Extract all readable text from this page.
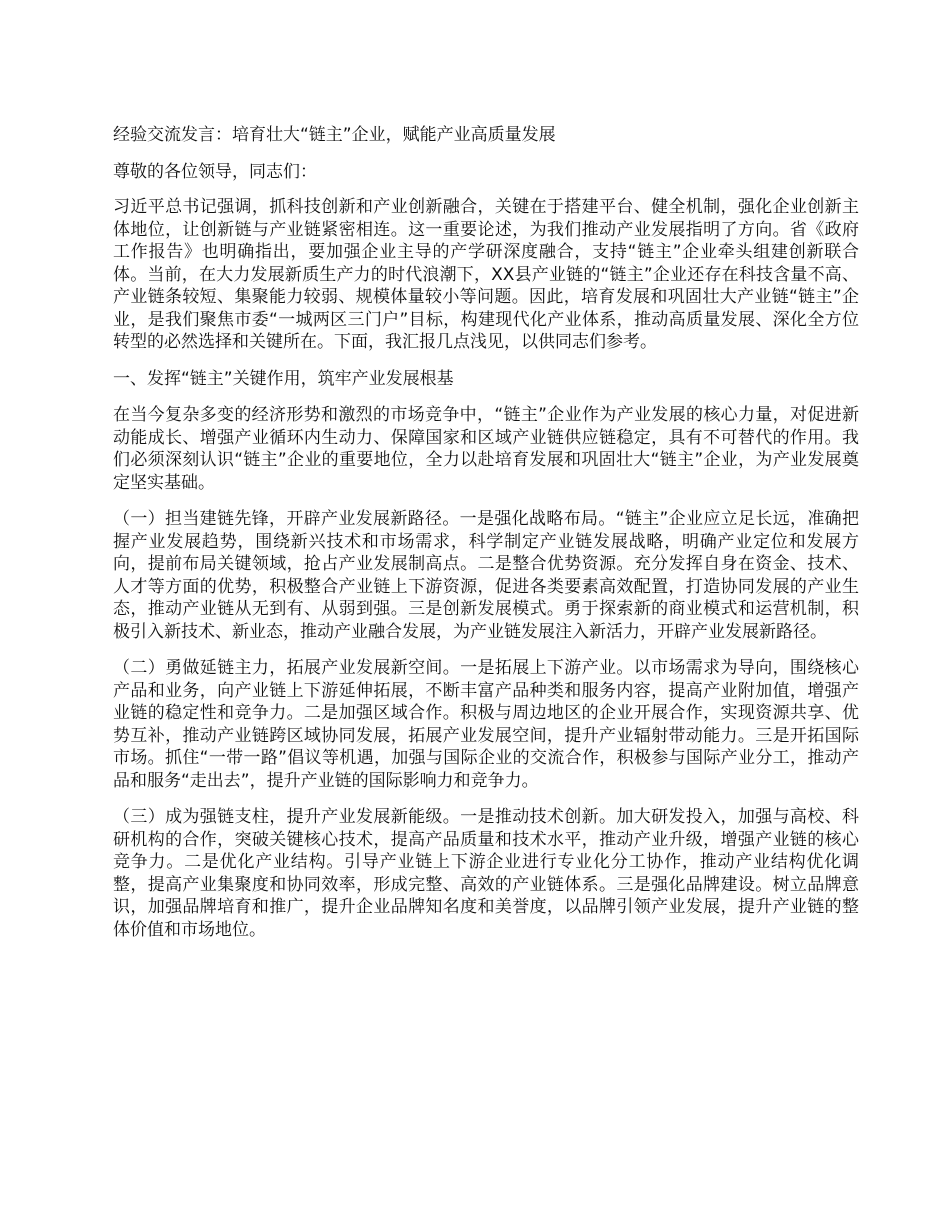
经验交流发言：培育壮大“链主”企业，赋能产业高质量发展

尊敬的各位领导，同志们：

习近平总书记强调，抓科技创新和产业创新融合，关键在于搭建平台、健全机制，强化企业创新主体地位，让创新链与产业链紧密相连。这一重要论述，为我们推动产业发展指明了方向。省《政府工作报告》也明确指出，要加强企业主导的产学研深度融合，支持“链主”企业牵头组建创新联合体。当前，在大力发展新质生产力的时代浪潮下，XX县产业链的“链主”企业还存在科技含量不高、产业链条较短、集聚能力较弱、规模体量较小等问题。因此，培育发展和巩固壮大产业链“链主”企业，是我们聚焦市委“一城两区三门户”目标，构建现代化产业体系，推动高质量发展、深化全方位转型的必然选择和关键所在。下面，我汇报几点浅见，以供同志们参考。

一、发挥“链主”关键作用，筑牢产业发展根基

在当今复杂多变的经济形势和激烈的市场竞争中，“链主”企业作为产业发展的核心力量，对促进新动能成长、增强产业循环内生动力、保障国家和区域产业链供应链稳定，具有不可替代的作用。我们必须深刻认识“链主”企业的重要地位，全力以赴培育发展和巩固壮大“链主”企业，为产业发展奠定坚实基础。

（一）担当建链先锋，开辟产业发展新路径。一是强化战略布局。“链主”企业应立足长远，准确把握产业发展趋势，围绕新兴技术和市场需求，科学制定产业链发展战略，明确产业定位和发展方向，提前布局关键领域，抢占产业发展制高点。二是整合优势资源。充分发挥自身在资金、技术、人才等方面的优势，积极整合产业链上下游资源，促进各类要素高效配置，打造协同发展的产业生态，推动产业链从无到有、从弱到强。三是创新发展模式。勇于探索新的商业模式和运营机制，积极引入新技术、新业态，推动产业融合发展，为产业链发展注入新活力，开辟产业发展新路径。

（二）勇做延链主力，拓展产业发展新空间。一是拓展上下游产业。以市场需求为导向，围绕核心产品和业务，向产业链上下游延伸拓展，不断丰富产品种类和服务内容，提高产业附加值，增强产业链的稳定性和竞争力。二是加强区域合作。积极与周边地区的企业开展合作，实现资源共享、优势互补，推动产业链跨区域协同发展，拓展产业发展空间，提升产业辐射带动能力。三是开拓国际市场。抓住“一带一路”倡议等机遇，加强与国际企业的交流合作，积极参与国际产业分工，推动产品和服务“走出去”，提升产业链的国际影响力和竞争力。

（三）成为强链支柱，提升产业发展新能级。一是推动技术创新。加大研发投入，加强与高校、科研机构的合作，突破关键核心技术，提高产品质量和技术水平，推动产业升级，增强产业链的核心竞争力。二是优化产业结构。引导产业链上下游企业进行专业化分工协作，推动产业结构优化调整，提高产业集聚度和协同效率，形成完整、高效的产业链体系。三是强化品牌建设。树立品牌意识，加强品牌培育和推广，提升企业品牌知名度和美誉度，以品牌引领产业发展，提升产业链的整体价值和市场地位。
